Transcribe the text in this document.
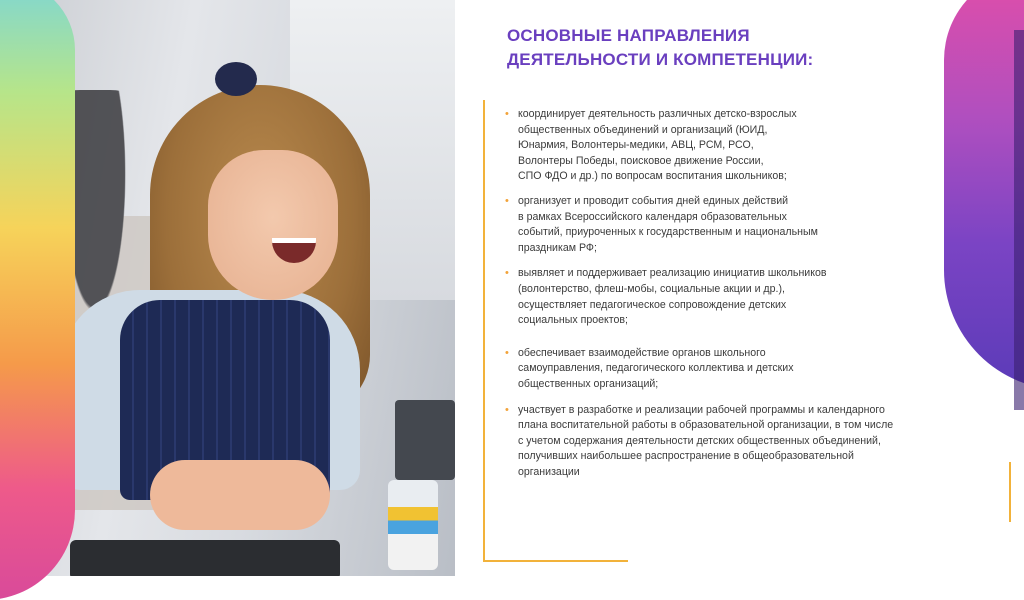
ОСНОВНЫЕ НАПРАВЛЕНИЯ
ДЕЯТЕЛЬНОСТИ И КОМПЕТЕНЦИИ:
• координирует деятельность различных детско-взрослых
общественных объединений и организаций (ЮИД,
Юнармия, Волонтеры-медики, АВЦ, РСМ, РСО,
Волонтеры Победы, поисковое движение России,
СПО ФДО и др.) по вопросам воспитания школьников;
• организует и проводит события дней единых действий
в рамках Всероссийского календаря образовательных
событий, приуроченных к государственным и национальным
праздникам РФ;
• выявляет и поддерживает реализацию инициатив школьников
(волонтерство, флеш-мобы, социальные акции и др.),
осуществляет педагогическое сопровождение детских
социальных проектов;
• обеспечивает взаимодействие органов школьного
самоуправления, педагогического коллектива и детских
общественных организаций;
• участвует в разработке и реализации рабочей программы и календарного
плана воспитательной работы в образовательной организации, в том числе
с учетом содержания деятельности детских общественных объединений,
получивших наибольшее распространение в общеобразовательной
организации
